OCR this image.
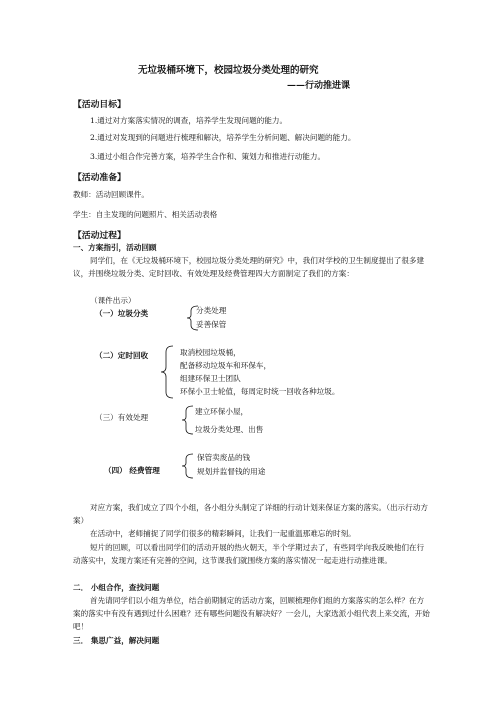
无垃圾桶环境下，校园垃圾分类处理的研究
——行动推进课
【活动目标】
1.通过对方案落实情况的调查，培养学生发现问题的能力。
2.通过对发现到的问题进行梳理和解决，培养学生分析问题、解决问题的能力。
3.通过小组合作完善方案，培养学生合作和、策划力和推进行动能力。
【活动准备】
教师：活动回顾课件。
学生：自主发现的问题照片、相关活动表格
【活动过程】
一、方案指引，活动回顾
同学们，在《无垃圾桶环境下，校园垃圾分类处理的研究》中，我们对学校的卫生制度提出了很多建议，并围绕垃圾分类、定时回收、有效处理及经费管理四大方面制定了我们的方案：
（课件出示）
（一）垃圾分类	分类处理
妥善保管
（二）定时回收	取消校园垃圾桶，
配备移动垃圾车和环保车，
组建环保卫士团队
环保小卫士轮值，每周定时统一回收各种垃圾。
（三）有效处理
建立环保小屋，
垃圾分类处理、出售
（四） 经费管理
保管卖废品的钱
规划并监督钱的用途
对应方案，我们成立了四个小组，各小组分头制定了详细的行动计划来保证方案的落实。（出示行动方案）
在活动中，老师捕捉了同学们很多的精彩瞬间，让我们一起重温那难忘的时刻。
短片的回顾，可以看出同学们的活动开展的热火朝天，半个学期过去了，有些同学向我反映他们在行动落实中，发现方案还有完善的空间，这节课我们就围绕方案的落实情况一起走进行动推进课。
二． 小组合作，查找问题
首先请同学们以小组为单位，结合前期制定的活动方案，回顾梳理你们组的方案落实的怎么样？在方案的落实中有没有遇到过什么困难？还有哪些问题没有解决好？一会儿，大家选派小组代表上来交流，开始吧！
三． 集思广益，解决问题
